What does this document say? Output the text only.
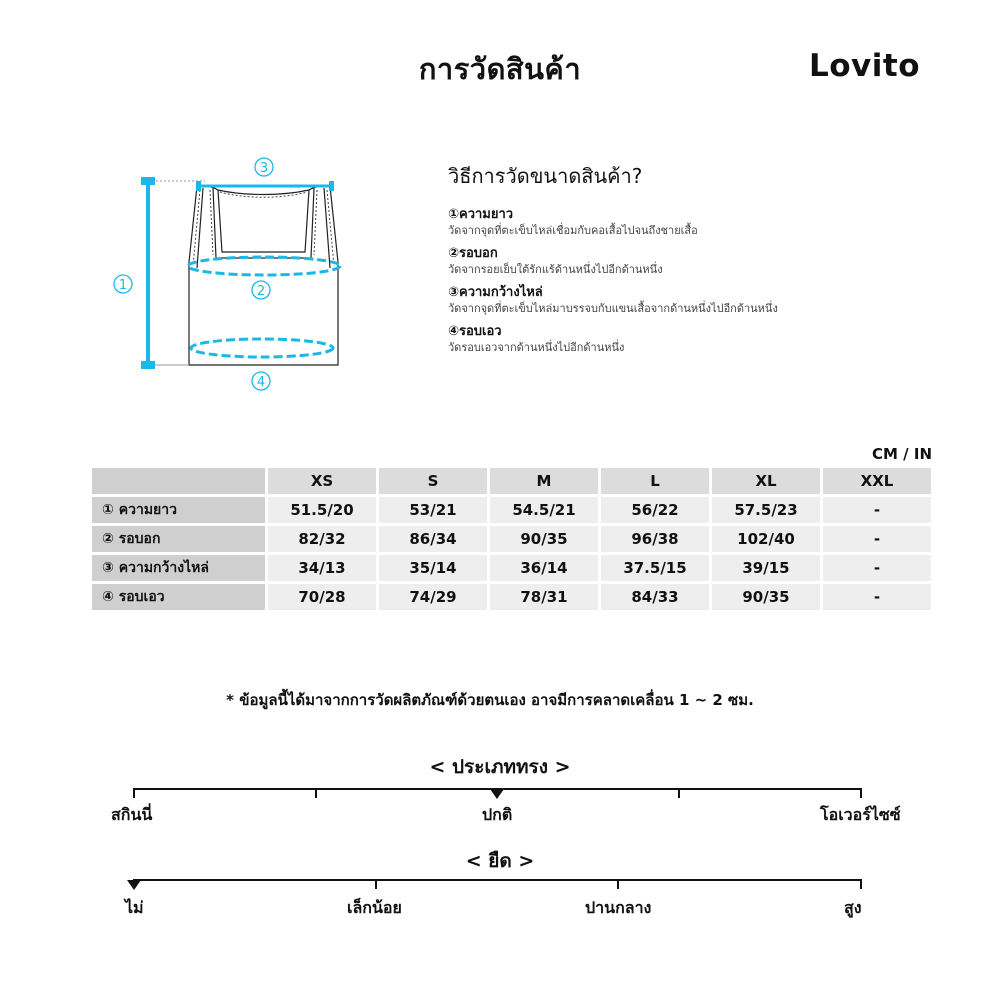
การวัดสินค้า	Lovito
1
3
2
4
วิธีการวัดขนาดสินค้า?
①ความยาว
วัดจากจุดที่ตะเข็บไหล่เชื่อมกับคอเสื้อไปจนถึงชายเสื้อ
②รอบอก
วัดจากรอยเย็บใต้รักแร้ด้านหนึ่งไปอีกด้านหนึ่ง
③ความกว้างไหล่
วัดจากจุดที่ตะเข็บไหล่มาบรรจบกับแขนเสื้อจากด้านหนึ่งไปอีกด้านหนึ่ง
④รอบเอว
วัดรอบเอวจากด้านหนึ่งไปอีกด้านหนึ่ง
CM / IN
	XS	S	M	L	XL	XXL
① ความยาว	51.5/20	53/21	54.5/21	56/22	57.5/23	-
② รอบอก	82/32	86/34	90/35	96/38	102/40	-
③ ความกว้างไหล่	34/13	35/14	36/14	37.5/15	39/15	-
④ รอบเอว	70/28	74/29	78/31	84/33	90/35	-
* ข้อมูลนี้ได้มาจากการวัดผลิตภัณฑ์ด้วยตนเอง อาจมีการคลาดเคลื่อน 1 ~ 2 ซม.
< ประเภททรง >
สกินนี่	ปกติ	โอเวอร์ไซซ์
< ยืด >
ไม่	เล็กน้อย	ปานกลาง	สูง
